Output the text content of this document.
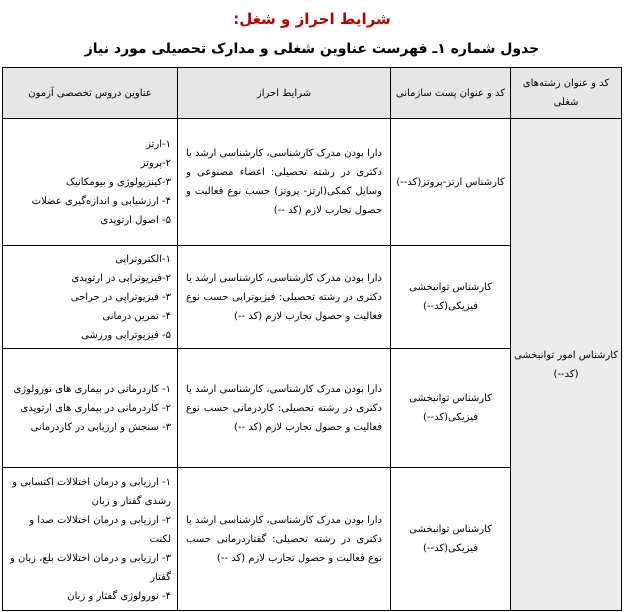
شرایط احراز و شغل:
جدول شماره ۱ـ فهرست عناوین شغلی و مدارک تحصیلی مورد نیاز
کد و عنوان رشته‌های شغلی	کد و عنوان پست سازمانی	شرایط احراز	عناوین دروس تخصصی آزمون
کارشناس امور توانبخشی (کد--)	کارشناس ارتز-پروتز(کد--)	دارا بودن مدرک کارشناسی، کارشناسی ارشد یا دکتری در رشته تحصیلی: اعضاء مصنوعی و وسایل کمکی(ارتز- پروتز) حسب نوع فعالیت و حصول تجارب لازم (کد --)	۱-ارتز
۲-پروتز
۳-کینزیولوژی و بیومکانیک
۴- ارزشیابی و اندازه‌گیری عضلات
۵- اصول ارتوپدی

	کارشناس توانبخشی فیزیکی(کد--)	دارا بودن مدرک کارشناسی، کارشناسی ارشد یا دکتری در رشته تحصیلی: فیزیوتراپی حسب نوع فعالیت و حصول تجارب لازم (کد --)	۱-الکتروتراپی
۲-فیزیوتراپی در ارتوپدی
۳- فیزیوتراپی در جراحی
۴- تمرین درمانی
۵- فیزیوتراپی ورزشی

	کارشناس توانبخشی فیزیکی(کد--)	دارا بودن مدرک کارشناسی، کارشناسی ارشد یا دکتری در رشته تحصیلی: کاردرمانی حسب نوع فعالیت و حصول تجارب لازم (کد --)	۱- کاردرمانی در بیماری های نورولوژی
۲- کاردرمانی در بیماری های ارتوپدی
۳- سنجش و ارزیابی در کاردرمانی

	کارشناس توانبخشی فیزیکی(کد--)	دارا بودن مدرک کارشناسی، کارشناسی ارشد یا دکتری در رشته تحصیلی: گفتاردرمانی حسب نوع فعالیت و حصول تجارب لازم (کد --)	۱- ارزیابی و درمان اختلالات اکتسابی و رشدی گفتار و زبان
۲- ارزیابی و درمان اختلالات صدا و لکنت
۳- ارزیابی و درمان اختلالات بلع، زبان و گفتار
۴- نورولوژی گفتار و زبان
